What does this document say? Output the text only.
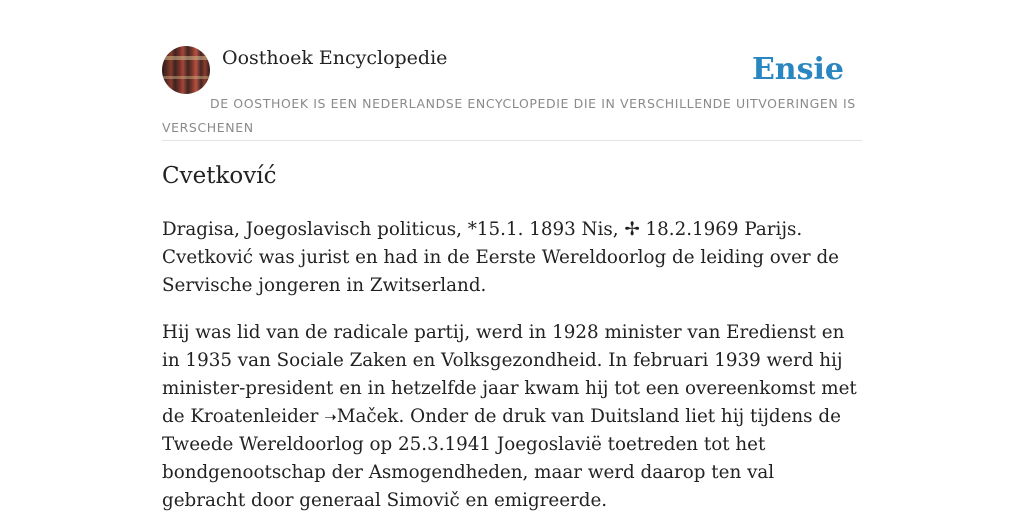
Oosthoek Encyclopedie	Ensie
DE OOSTHOEK IS EEN NEDERLANDSE ENCYCLOPEDIE DIE IN VERSCHILLENDE UITVOERINGEN IS VERSCHENEN
Cvetkovíć

Dragisa, Joegoslavisch politicus, *15.1. 1893 Nis, ✢ 18.2.1969 Parijs. Cvetković was jurist en had in de Eerste Wereldoorlog de leiding over de Servische jongeren in Zwitserland.

Hij was lid van de radicale partij, werd in 1928 minister van Eredienst en in 1935 van Sociale Zaken en Volksgezondheid. In februari 1939 werd hij minister-president en in hetzelfde jaar kwam hij tot een overeenkomst met de Kroatenleider ➝Maček. Onder de druk van Duitsland liet hij tijdens de Tweede Wereldoorlog op 25.3.1941 Joegoslavië toetreden tot het bondgenootschap der Asmogendheden, maar werd daarop ten val gebracht door generaal Simovič en emigreerde.
